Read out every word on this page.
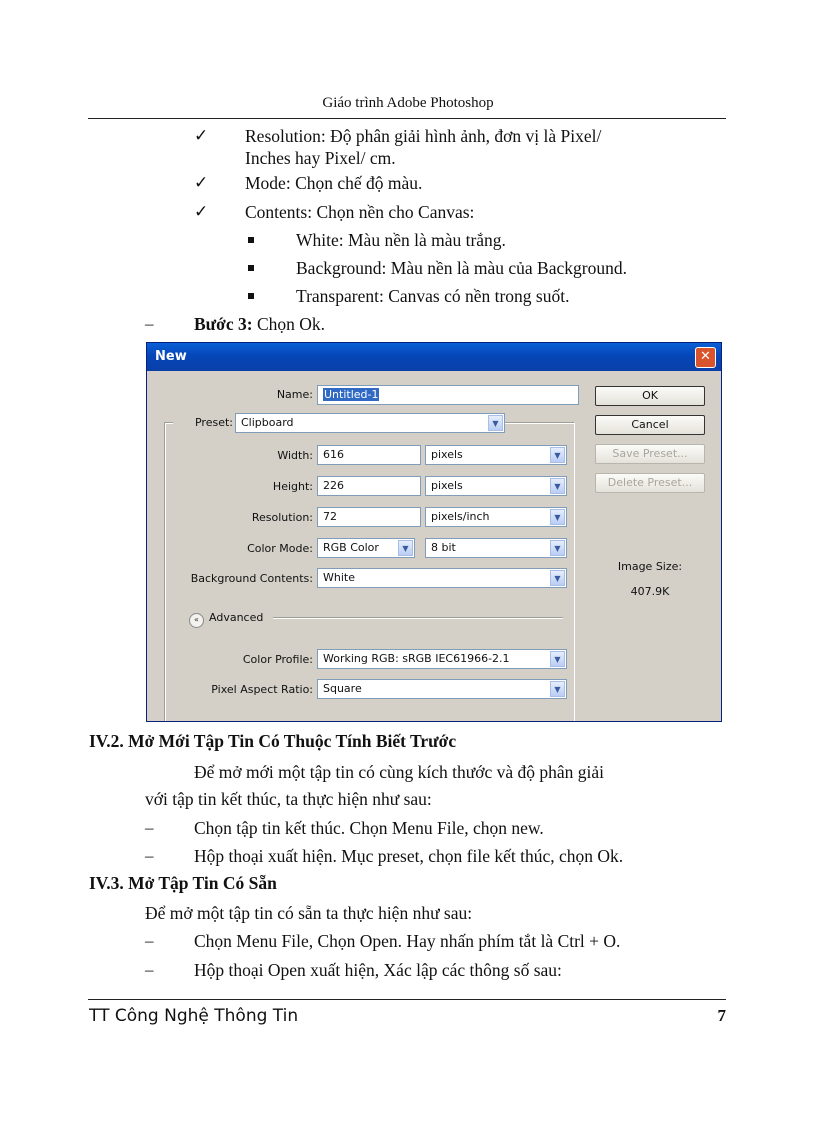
Giáo trình Adobe Photoshop
✓ Resolution: Độ phân giải hình ảnh, đơn vị là Pixel/
Inches hay Pixel/ cm.
✓ Mode: Chọn chế độ màu.
✓ Contents: Chọn nền cho Canvas:
White: Màu nền là màu trắng.
Background: Màu nền là màu của Background.
Transparent: Canvas có nền trong suốt.
– Bước 3: Chọn Ok.
New	✕
Name:	Untitled-1
Preset: Clipboard	▼
Width: 616	pixels	▼
Height: 226	pixels	▼
Resolution: 72	pixels/inch	▼
Color Mode: RGB Color	▼	8 bit	▼
Background Contents: White	▼
« Advanced
Color Profile: Working RGB: sRGB IEC61966-2.1	▼
Pixel Aspect Ratio: Square	▼
OK
Cancel
Save Preset...
Delete Preset...
Image Size:
407.9K
IV.2. Mở Mới Tập Tin Có Thuộc Tính Biết Trước
Để mở mới một tập tin có cùng kích thước và độ phân giải
với tập tin kết thúc, ta thực hiện như sau:
– Chọn tập tin kết thúc. Chọn Menu File, chọn new.
– Hộp thoại xuất hiện. Mục preset, chọn file kết thúc, chọn Ok.
IV.3. Mở Tập Tin Có Sẵn
Để mở một tập tin có sẵn ta thực hiện như sau:
– Chọn Menu File, Chọn Open. Hay nhấn phím tắt là Ctrl + O.
– Hộp thoại Open xuất hiện, Xác lập các thông số sau:
TT Công Nghệ Thông Tin	7
